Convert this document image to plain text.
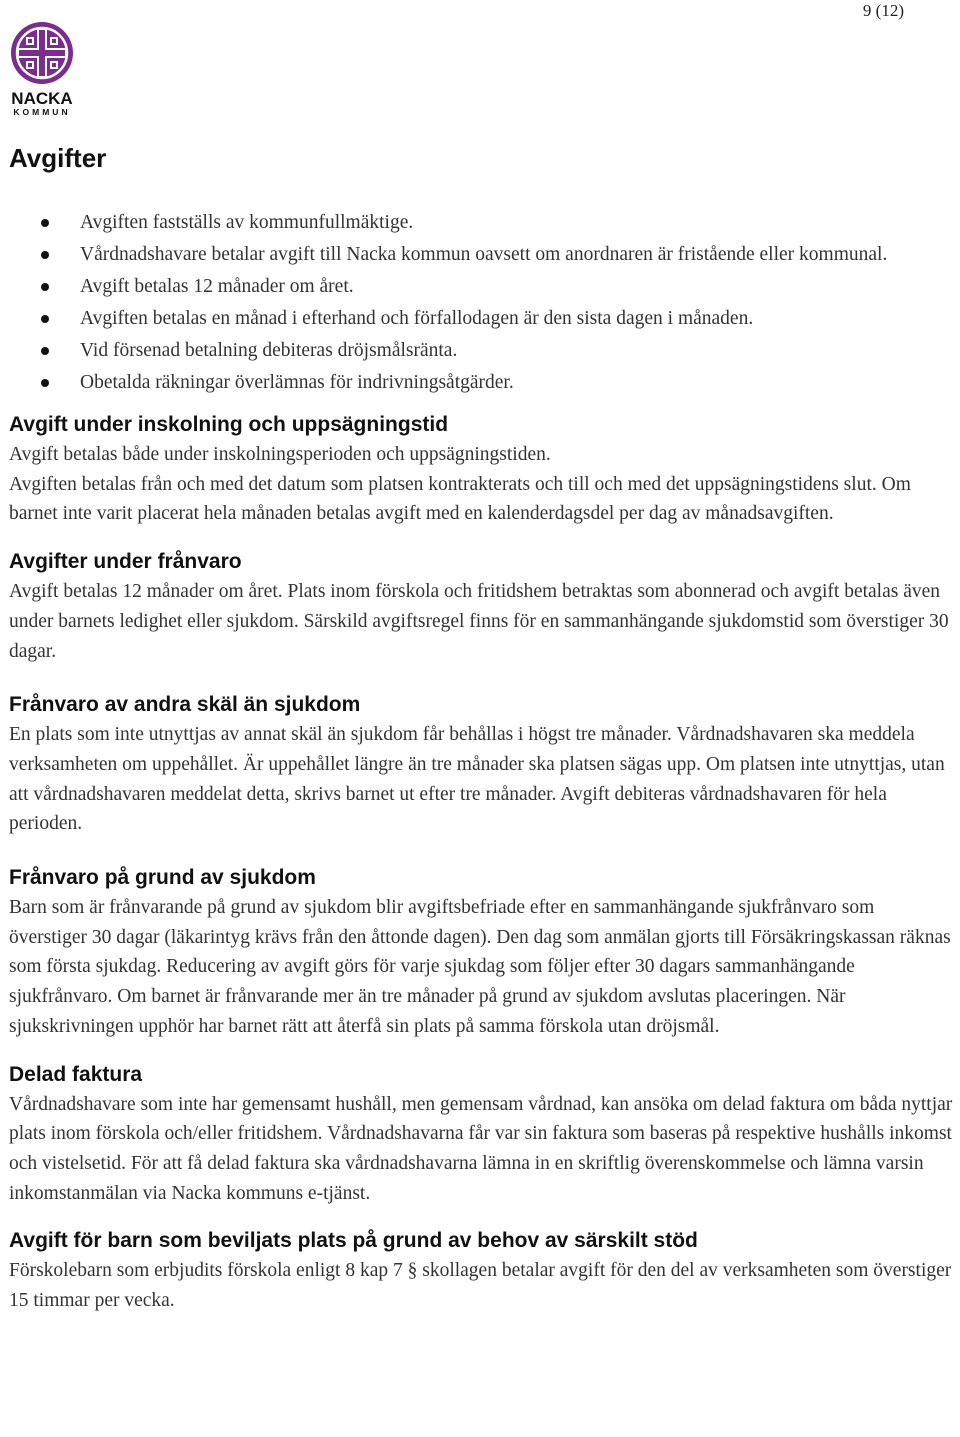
9 (12)
NACKA
KOMMUN
Avgifter
Avgiften fastställs av kommunfullmäktige.
Vårdnadshavare betalar avgift till Nacka kommun oavsett om anordnaren är fristående eller kommunal.
Avgift betalas 12 månader om året.
Avgiften betalas en månad i efterhand och förfallodagen är den sista dagen i månaden.
Vid försenad betalning debiteras dröjsmålsränta.
Obetalda räkningar överlämnas för indrivningsåtgärder.
Avgift under inskolning och uppsägningstid

Avgift betalas både under inskolningsperioden och uppsägningstiden.

Avgiften betalas från och med det datum som platsen kontrakterats och till och med det uppsägningstidens slut. Om barnet inte varit placerat hela månaden betalas avgift med en kalenderdagsdel per dag av månadsavgiften.

Avgifter under frånvaro

Avgift betalas 12 månader om året. Plats inom förskola och fritidshem betraktas som abonnerad och avgift betalas även under barnets ledighet eller sjukdom. Särskild avgiftsregel finns för en sammanhängande sjukdomstid som överstiger 30 dagar.

Frånvaro av andra skäl än sjukdom

En plats som inte utnyttjas av annat skäl än sjukdom får behållas i högst tre månader. Vårdnadshavaren ska meddela verksamheten om uppehållet. Är uppehållet längre än tre månader ska platsen sägas upp. Om platsen inte utnyttjas, utan att vårdnadshavaren meddelat detta, skrivs barnet ut efter tre månader. Avgift debiteras vårdnadshavaren för hela perioden.

Frånvaro på grund av sjukdom

Barn som är frånvarande på grund av sjukdom blir avgiftsbefriade efter en sammanhängande sjukfrånvaro som överstiger 30 dagar (läkarintyg krävs från den åttonde dagen). Den dag som anmälan gjorts till Försäkringskassan räknas som första sjukdag. Reducering av avgift görs för varje sjukdag som följer efter 30 dagars sammanhängande sjukfrånvaro. Om barnet är frånvarande mer än tre månader på grund av sjukdom avslutas placeringen. När sjukskrivningen upphör har barnet rätt att återfå sin plats på samma förskola utan dröjsmål.

Delad faktura

Vårdnadshavare som inte har gemensamt hushåll, men gemensam vårdnad, kan ansöka om delad faktura om båda nyttjar plats inom förskola och/eller fritidshem. Vårdnadshavarna får var sin faktura som baseras på respektive hushålls inkomst och vistelsetid. För att få delad faktura ska vårdnadshavarna lämna in en skriftlig överenskommelse och lämna varsin inkomstanmälan via Nacka kommuns e-tjänst.

Avgift för barn som beviljats plats på grund av behov av särskilt stöd

Förskolebarn som erbjudits förskola enligt 8 kap 7 § skollagen betalar avgift för den del av verksamheten som överstiger 15 timmar per vecka.
